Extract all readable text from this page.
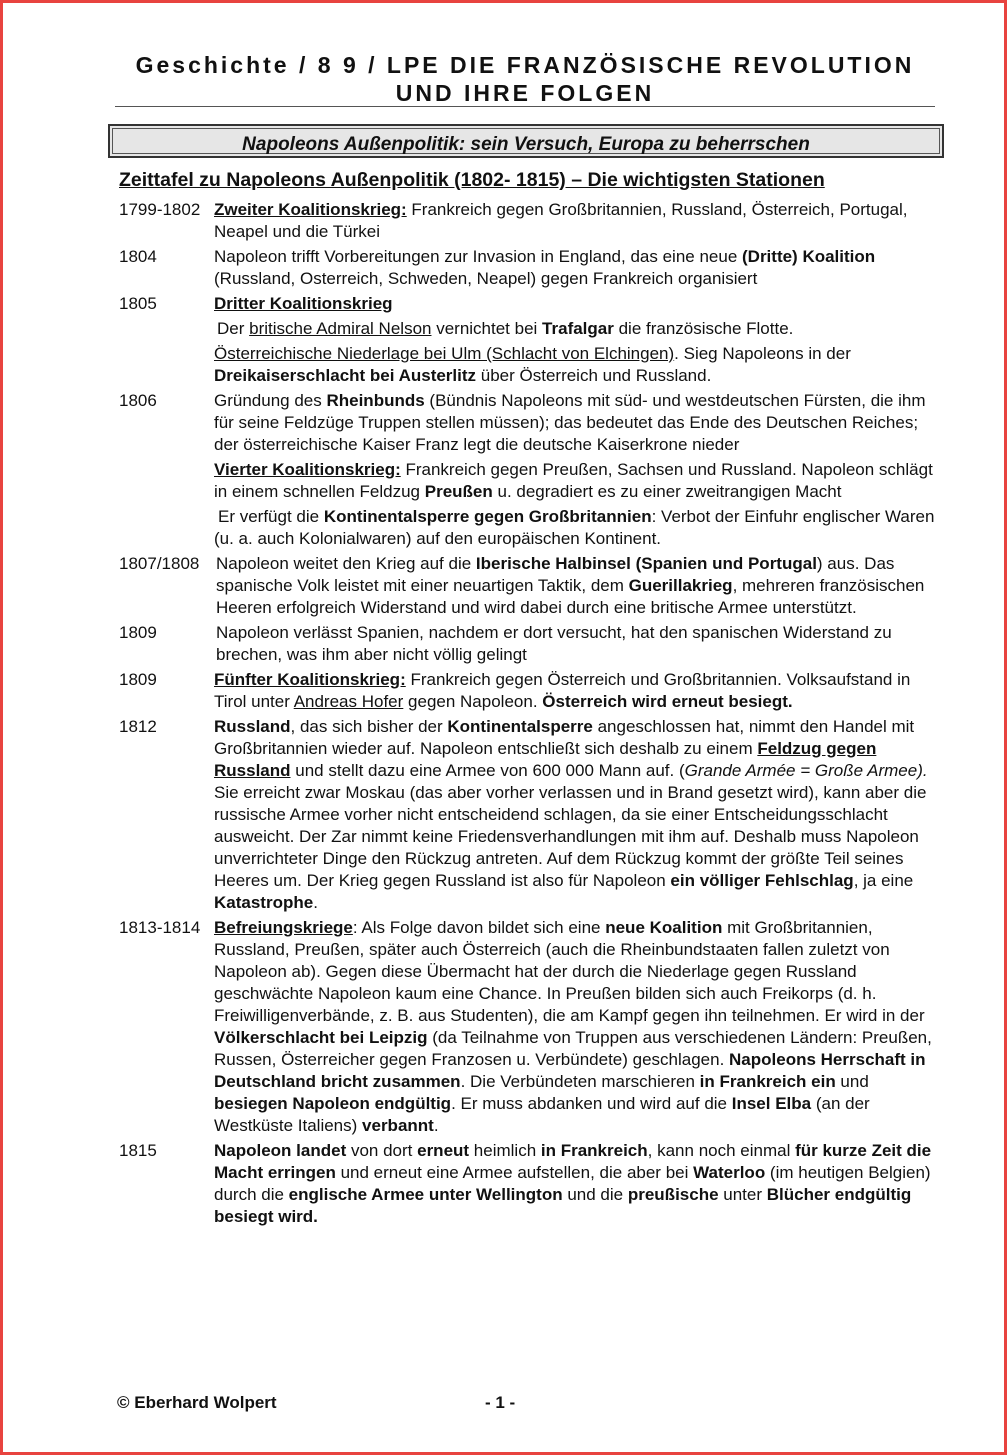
Geschichte / 8 9 / LPE DIE FRANZÖSISCHE REVOLUTION
UND IHRE FOLGEN
Napoleons Außenpolitik: sein Versuch, Europa zu beherrschen
Zeittafel zu Napoleons Außenpolitik (1802- 1815) – Die wichtigsten Stationen
1799-1802 Zweiter Koalitionskrieg: Frankreich gegen Großbritannien, Russland, Österreich, Portugal, Neapel und die Türkei
1804	Napoleon trifft Vorbereitungen zur Invasion in England, das eine neue (Dritte) Koalition (Russland, Osterreich, Schweden, Neapel) gegen Frankreich organisiert
1805	Dritter Koalitionskrieg
Der britische Admiral Nelson vernichtet bei Trafalgar die französische Flotte.
Österreichische Niederlage bei Ulm (Schlacht von Elchingen). Sieg Napoleons in der Dreikaiserschlacht bei Austerlitz über Österreich und Russland.
1806	Gründung des Rheinbunds (Bündnis Napoleons mit süd- und westdeutschen Fürsten, die ihm für seine Feldzüge Truppen stellen müssen); das bedeutet das Ende des Deutschen Reiches; der österreichische Kaiser Franz legt die deutsche Kaiserkrone nieder
Vierter Koalitionskrieg: Frankreich gegen Preußen, Sachsen und Russland. Napoleon schlägt in einem schnellen Feldzug Preußen u. degradiert es zu einer zweitrangigen Macht
Er verfügt die Kontinentalsperre gegen Großbritannien: Verbot der Einfuhr englischer Waren (u. a. auch Kolonialwaren) auf den europäischen Kontinent.
1807/1808 Napoleon weitet den Krieg auf die Iberische Halbinsel (Spanien und Portugal) aus. Das spanische Volk leistet mit einer neuartigen Taktik, dem Guerillakrieg, mehreren französischen Heeren erfolgreich Widerstand und wird dabei durch eine britische Armee unterstützt.
1809	Napoleon verlässt Spanien, nachdem er dort versucht, hat den spanischen Widerstand zu brechen, was ihm aber nicht völlig gelingt
1809	Fünfter Koalitionskrieg: Frankreich gegen Österreich und Großbritannien. Volksaufstand in Tirol unter Andreas Hofer gegen Napoleon. Österreich wird erneut besiegt.
1812	Russland, das sich bisher der Kontinentalsperre angeschlossen hat, nimmt den Handel mit Großbritannien wieder auf. Napoleon entschließt sich deshalb zu einem Feldzug gegen Russland und stellt dazu eine Armee von 600 000 Mann auf. (Grande Armée = Große Armee). Sie erreicht zwar Moskau (das aber vorher verlassen und in Brand gesetzt wird), kann aber die russische Armee vorher nicht entscheidend schlagen, da sie einer Entscheidungsschlacht ausweicht. Der Zar nimmt keine Friedensverhandlungen mit ihm auf. Deshalb muss Napoleon unverrichteter Dinge den Rückzug antreten. Auf dem Rückzug kommt der größte Teil seines Heeres um. Der Krieg gegen Russland ist also für Napoleon ein völliger Fehlschlag, ja eine Katastrophe.
1813-1814 Befreiungskriege: Als Folge davon bildet sich eine neue Koalition mit Großbritannien, Russland, Preußen, später auch Österreich (auch die Rheinbundstaaten fallen zuletzt von Napoleon ab). Gegen diese Übermacht hat der durch die Niederlage gegen Russland geschwächte Napoleon kaum eine Chance. In Preußen bilden sich auch Freikorps (d. h. Freiwilligenverbände, z. B. aus Studenten), die am Kampf gegen ihn teilnehmen. Er wird in der Völkerschlacht bei Leipzig (da Teilnahme von Truppen aus verschiedenen Ländern: Preußen, Russen, Österreicher gegen Franzosen u. Verbündete) geschlagen. Napoleons Herrschaft in Deutschland bricht zusammen. Die Verbündeten marschieren in Frankreich ein und besiegen Napoleon endgültig. Er muss abdanken und wird auf die Insel Elba (an der Westküste Italiens) verbannt.
1815	Napoleon landet von dort erneut heimlich in Frankreich, kann noch einmal für kurze Zeit die Macht erringen und erneut eine Armee aufstellen, die aber bei Waterloo (im heutigen Belgien) durch die englische Armee unter Wellington und die preußische unter Blücher endgültig besiegt wird.
© Eberhard Wolpert	- 1 -
